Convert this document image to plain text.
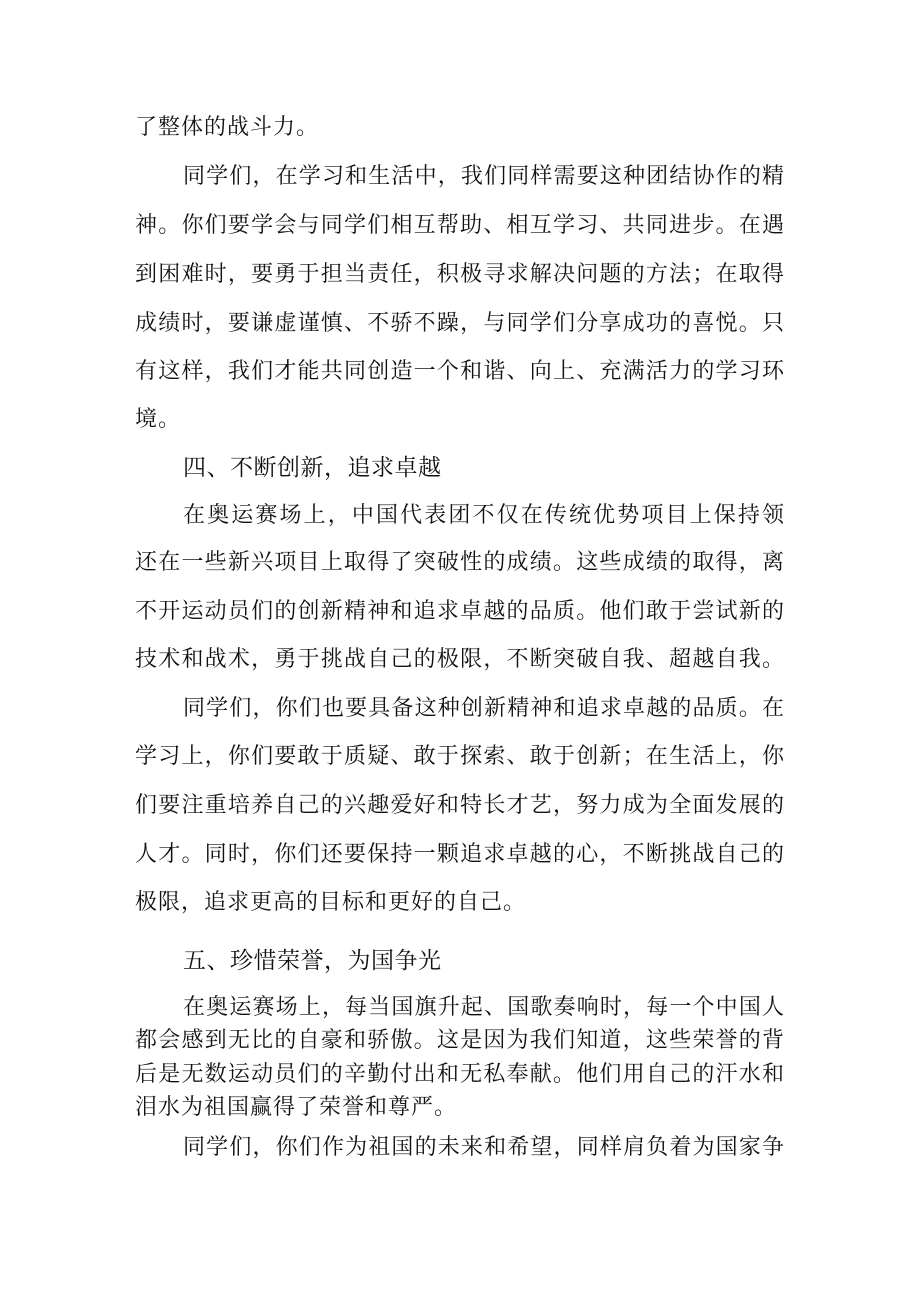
了整体的战斗力。
同学们，在学习和生活中，我们同样需要这种团结协作的精
神。你们要学会与同学们相互帮助、相互学习、共同进步。在遇
到困难时，要勇于担当责任，积极寻求解决问题的方法；在取得
成绩时，要谦虚谨慎、不骄不躁，与同学们分享成功的喜悦。只
有这样，我们才能共同创造一个和谐、向上、充满活力的学习环
境。
四、不断创新，追求卓越
在奥运赛场上，中国代表团不仅在传统优势项目上保持领
还在一些新兴项目上取得了突破性的成绩。这些成绩的取得，离
不开运动员们的创新精神和追求卓越的品质。他们敢于尝试新的
技术和战术，勇于挑战自己的极限，不断突破自我、超越自我。
同学们，你们也要具备这种创新精神和追求卓越的品质。在
学习上，你们要敢于质疑、敢于探索、敢于创新；在生活上，你
们要注重培养自己的兴趣爱好和特长才艺，努力成为全面发展的
人才。同时，你们还要保持一颗追求卓越的心，不断挑战自己的
极限，追求更高的目标和更好的自己。
五、珍惜荣誉，为国争光
在奥运赛场上，每当国旗升起、国歌奏响时，每一个中国人
都会感到无比的自豪和骄傲。这是因为我们知道，这些荣誉的背
后是无数运动员们的辛勤付出和无私奉献。他们用自己的汗水和
泪水为祖国赢得了荣誉和尊严。
同学们，你们作为祖国的未来和希望，同样肩负着为国家争
